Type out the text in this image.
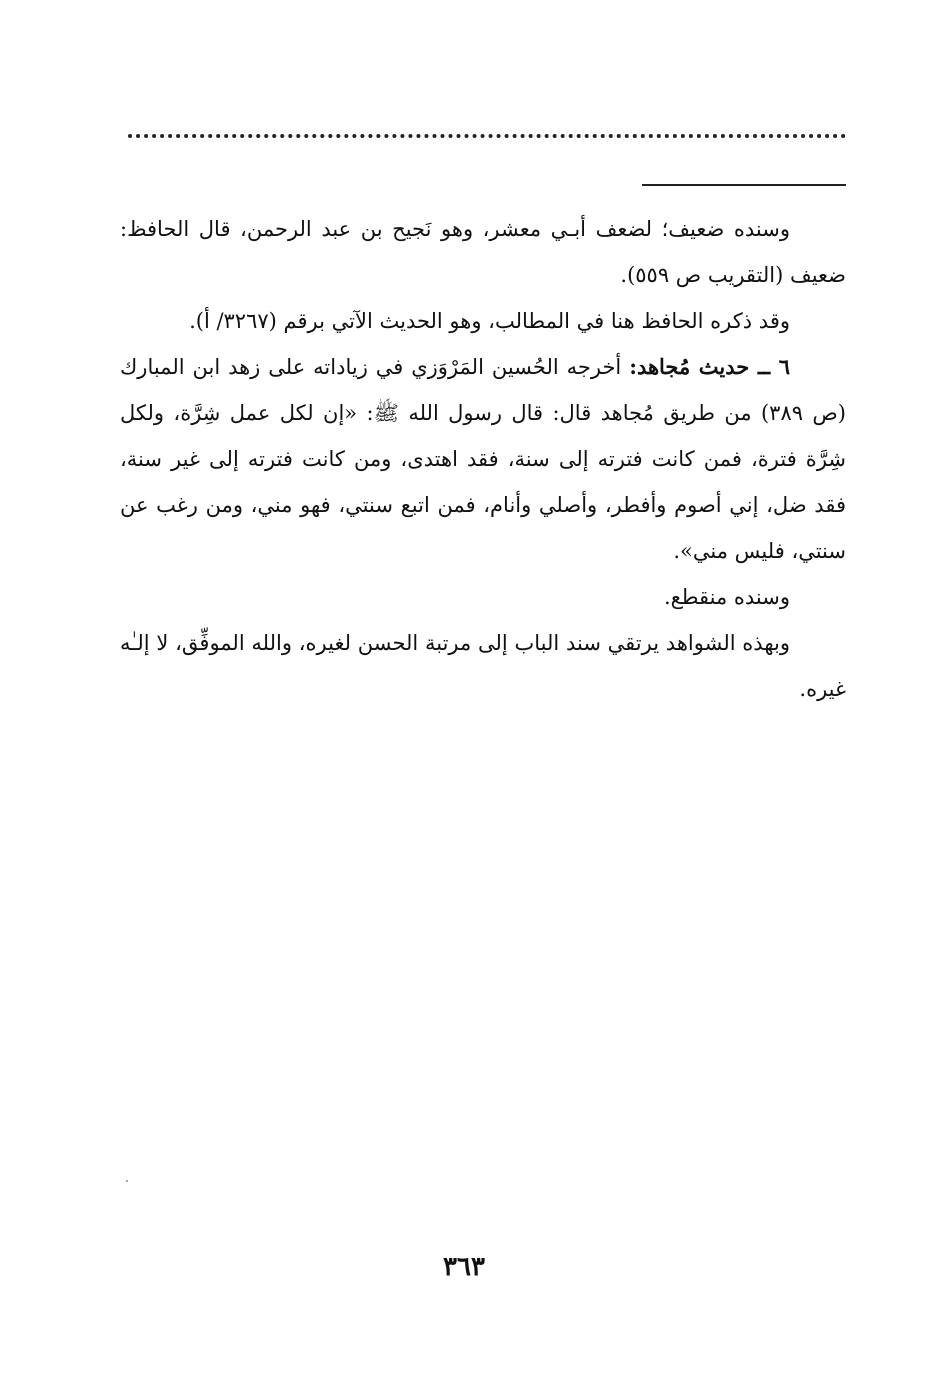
وسنده ضعيف؛ لضعف أبـي معشر، وهو نَجيح بن عبد الرحمن، قال الحافظ: ضعيف (التقريب ص ٥٥٩).

وقد ذكره الحافظ هنا في المطالب، وهو الحديث الآتي برقم (٣٢٦٧/ أ).

٦ ــ حديث مُجاهد: أخرجه الحُسين المَرْوَزي في زياداته على زهد ابن المبارك (ص ٣٨٩) من طريق مُجاهد قال: قال رسول الله ﷺ: «إن لكل عمل شِرَّة، ولكل شِرَّة فترة، فمن كانت فترته إلى سنة، فقد اهتدى، ومن كانت فترته إلى غير سنة، فقد ضل، إني أصوم وأفطر، وأصلي وأنام، فمن اتبع سنتي، فهو مني، ومن رغب عن سنتي، فليس مني».

وسنده منقطع.

وبهذه الشواهد يرتقي سند الباب إلى مرتبة الحسن لغيره، والله الموفِّق، لا إلـٰه غيره.

٣٦٣
